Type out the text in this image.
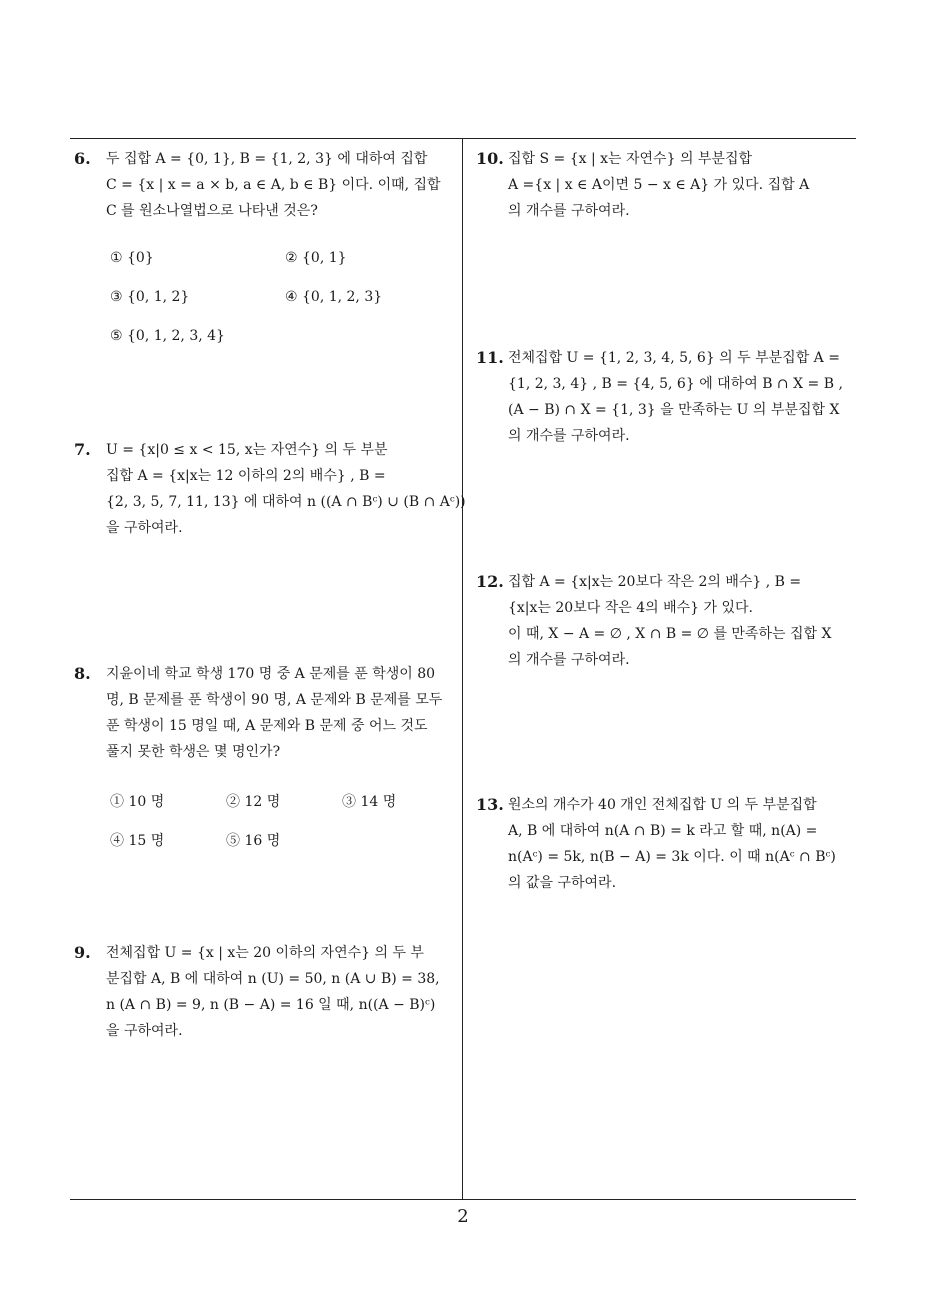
6. 두 집합 A = {0, 1}, B = {1, 2, 3} 에 대하여 집합
C = {x | x = a × b, a ∈ A, b ∈ B} 이다. 이때, 집합
C 를 원소나열법으로 나타낸 것은?
① {0}	② {0, 1}
③ {0, 1, 2}	④ {0, 1, 2, 3}
⑤ {0, 1, 2, 3, 4}
7. U = {x|0 ≤ x < 15, x는 자연수} 의 두 부분
집합 A = {x|x는 12 이하의 2의 배수} , B =
{2, 3, 5, 7, 11, 13} 에 대하여 n ((A ∩ Bᶜ) ∪ (B ∩ Aᶜ))
을 구하여라.
8. 지윤이네 학교 학생 170 명 중 A 문제를 푼 학생이 80
명, B 문제를 푼 학생이 90 명, A 문제와 B 문제를 모두
푼 학생이 15 명일 때, A 문제와 B 문제 중 어느 것도
풀지 못한 학생은 몇 명인가?
① 10 명	② 12 명	③ 14 명
④ 15 명	⑤ 16 명
9. 전체집합 U = {x | x는 20 이하의 자연수} 의 두 부
분집합 A, B 에 대하여 n (U) = 50, n (A ∪ B) = 38,
n (A ∩ B) = 9, n (B − A) = 16 일 때, n((A − B)ᶜ)
을 구하여라.
10. 집합 S = {x | x는 자연수} 의 부분집합
A ={x | x ∈ A이면 5 − x ∈ A} 가 있다. 집합 A
의 개수를 구하여라.
11. 전체집합 U = {1, 2, 3, 4, 5, 6} 의 두 부분집합 A =
{1, 2, 3, 4} , B = {4, 5, 6} 에 대하여 B ∩ X = B ,
(A − B) ∩ X = {1, 3} 을 만족하는 U 의 부분집합 X
의 개수를 구하여라.
12. 집합 A = {x|x는 20보다 작은 2의 배수} , B =
{x|x는 20보다 작은 4의 배수} 가 있다.
이 때, X − A = ∅ , X ∩ B = ∅ 를 만족하는 집합 X
의 개수를 구하여라.
13. 원소의 개수가 40 개인 전체집합 U 의 두 부분집합
A, B 에 대하여 n(A ∩ B) = k 라고 할 때, n(A) =
n(Aᶜ) = 5k, n(B − A) = 3k 이다. 이 때 n(Aᶜ ∩ Bᶜ)
의 값을 구하여라.
2
